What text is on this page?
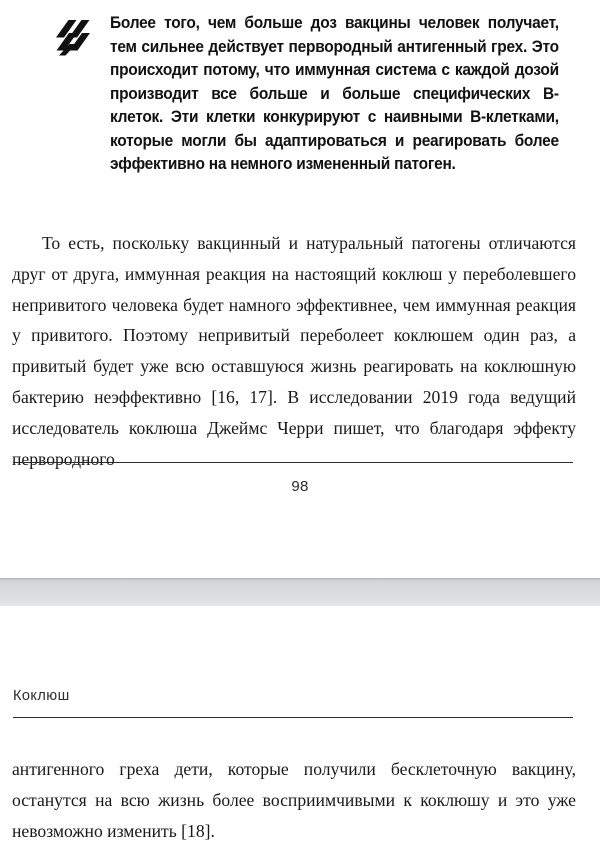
Более того, чем больше доз вакцины человек получает, тем сильнее действует первородный антигенный грех. Это происходит потому, что иммунная система с каждой дозой производит все больше и больше специфических В-клеток. Эти клетки конкурируют с наивными В-клетками, которые могли бы адаптироваться и реагировать более эффективно на немного измененный патоген.
То есть, поскольку вакцинный и натуральный патогены отличаются друг от друга, иммунная реакция на настоящий коклюш у переболевшего непривитого человека будет намного эффективнее, чем иммунная реакция у привитого. Поэтому непривитый переболеет коклюшем один раз, а привитый будет уже всю оставшуюся жизнь реагировать на коклюшную бактерию неэффективно [16, 17]. В исследовании 2019 года ведущий исследователь коклюша Джеймс Черри пишет, что благодаря эффекту первородного
98
Коклюш
антигенного греха дети, которые получили бесклеточную вакцину, останутся на всю жизнь более восприимчивыми к коклюшу и это уже невозможно изменить [18].
